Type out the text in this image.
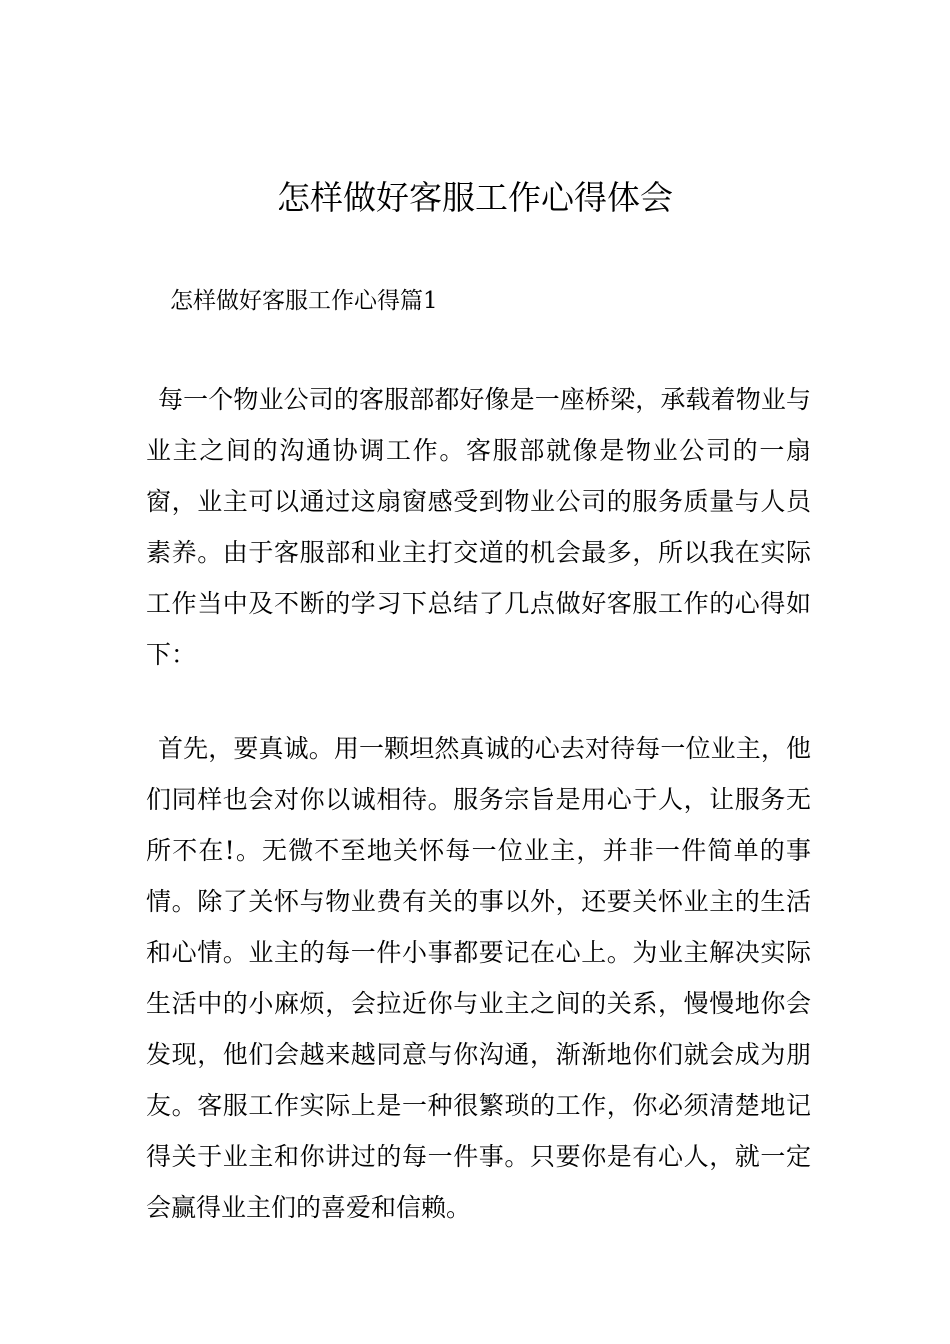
怎样做好客服工作心得体会

怎样做好客服工作心得篇1

每一个物业公司的客服部都好像是一座桥梁，承载着物业与业主之间的沟通协调工作。客服部就像是物业公司的一扇窗，业主可以通过这扇窗感受到物业公司的服务质量与人员素养。由于客服部和业主打交道的机会最多，所以我在实际工作当中及不断的学习下总结了几点做好客服工作的心得如下：

首先，要真诚。用一颗坦然真诚的心去对待每一位业主，他们同样也会对你以诚相待。服务宗旨是用心于人，让服务无所不在!。无微不至地关怀每一位业主，并非一件简单的事情。除了关怀与物业费有关的事以外，还要关怀业主的生活和心情。业主的每一件小事都要记在心上。为业主解决实际生活中的小麻烦，会拉近你与业主之间的关系，慢慢地你会发现，他们会越来越同意与你沟通，渐渐地你们就会成为朋友。客服工作实际上是一种很繁琐的工作，你必须清楚地记得关于业主和你讲过的每一件事。只要你是有心人，就一定会赢得业主们的喜爱和信赖。
